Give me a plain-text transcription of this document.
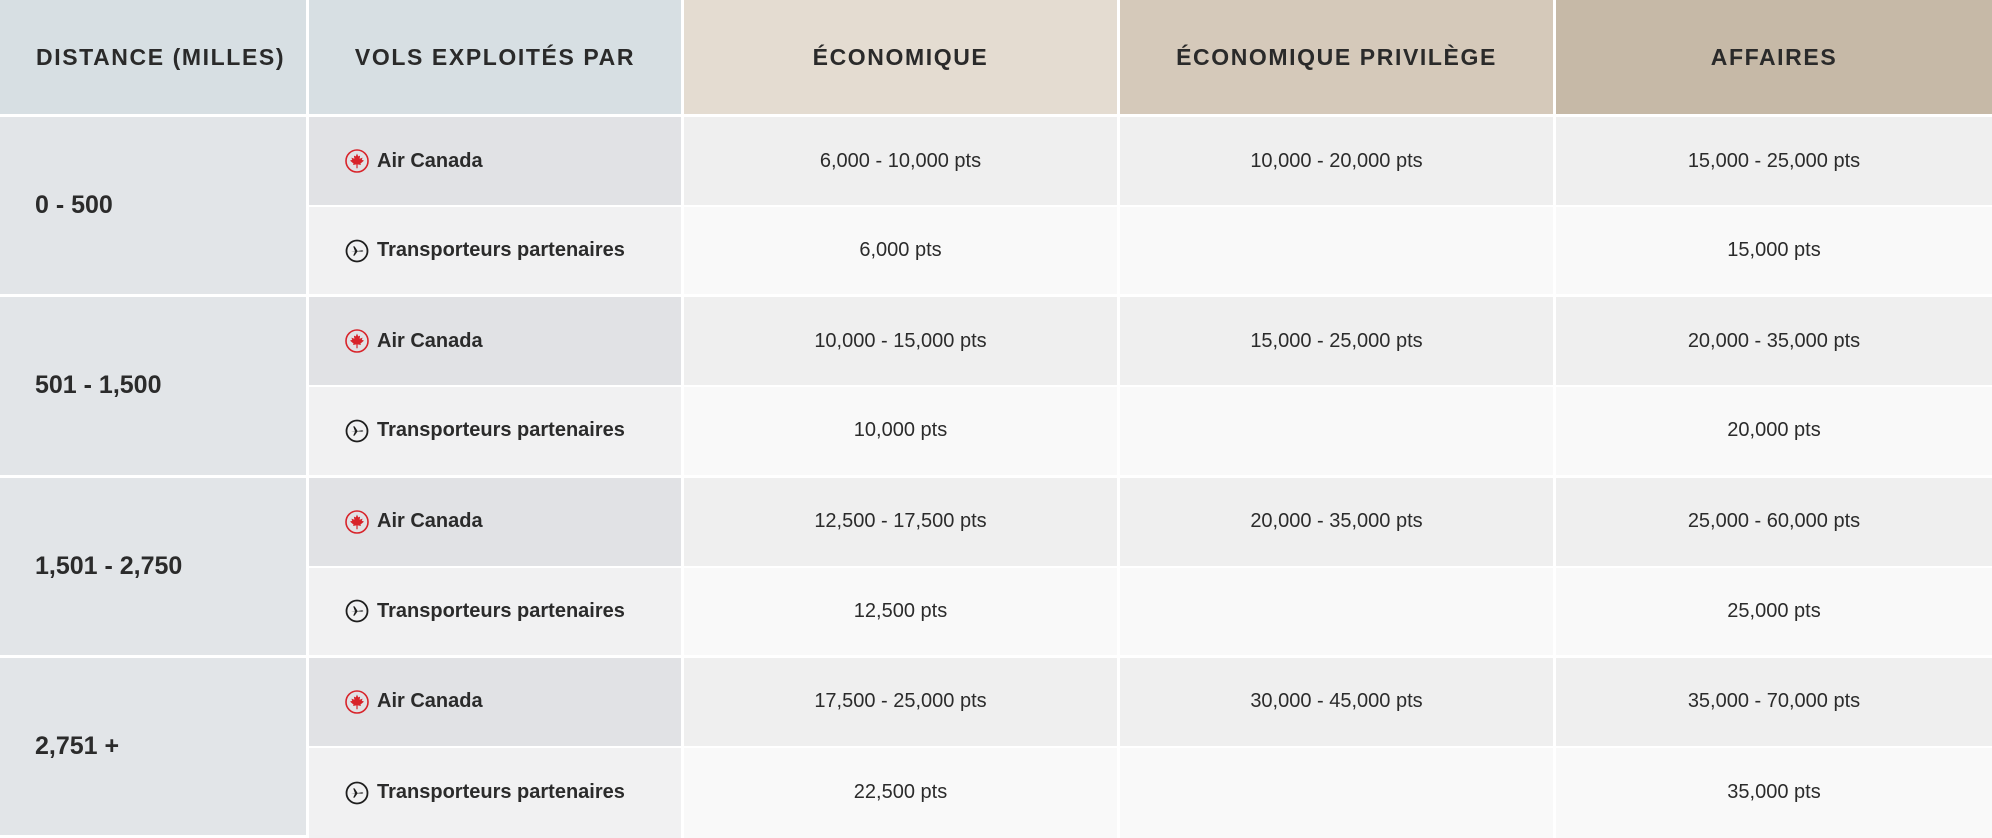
DISTANCE (MILLES)	VOLS EXPLOITÉS PAR	ÉCONOMIQUE	ÉCONOMIQUE PRIVILÈGE	AFFAIRES
0 - 500	Air Canada	6,000 - 10,000 pts	10,000 - 20,000 pts	15,000 - 25,000 pts

	Transporteurs partenaires	6,000 pts		15,000 pts
501 - 1,500	Air Canada	10,000 - 15,000 pts	15,000 - 25,000 pts	20,000 - 35,000 pts

	Transporteurs partenaires	10,000 pts		20,000 pts
1,501 - 2,750	Air Canada	12,500 - 17,500 pts	20,000 - 35,000 pts	25,000 - 60,000 pts

	Transporteurs partenaires	12,500 pts		25,000 pts
2,751 +	Air Canada	17,500 - 25,000 pts	30,000 - 45,000 pts	35,000 - 70,000 pts

	Transporteurs partenaires	22,500 pts		35,000 pts
